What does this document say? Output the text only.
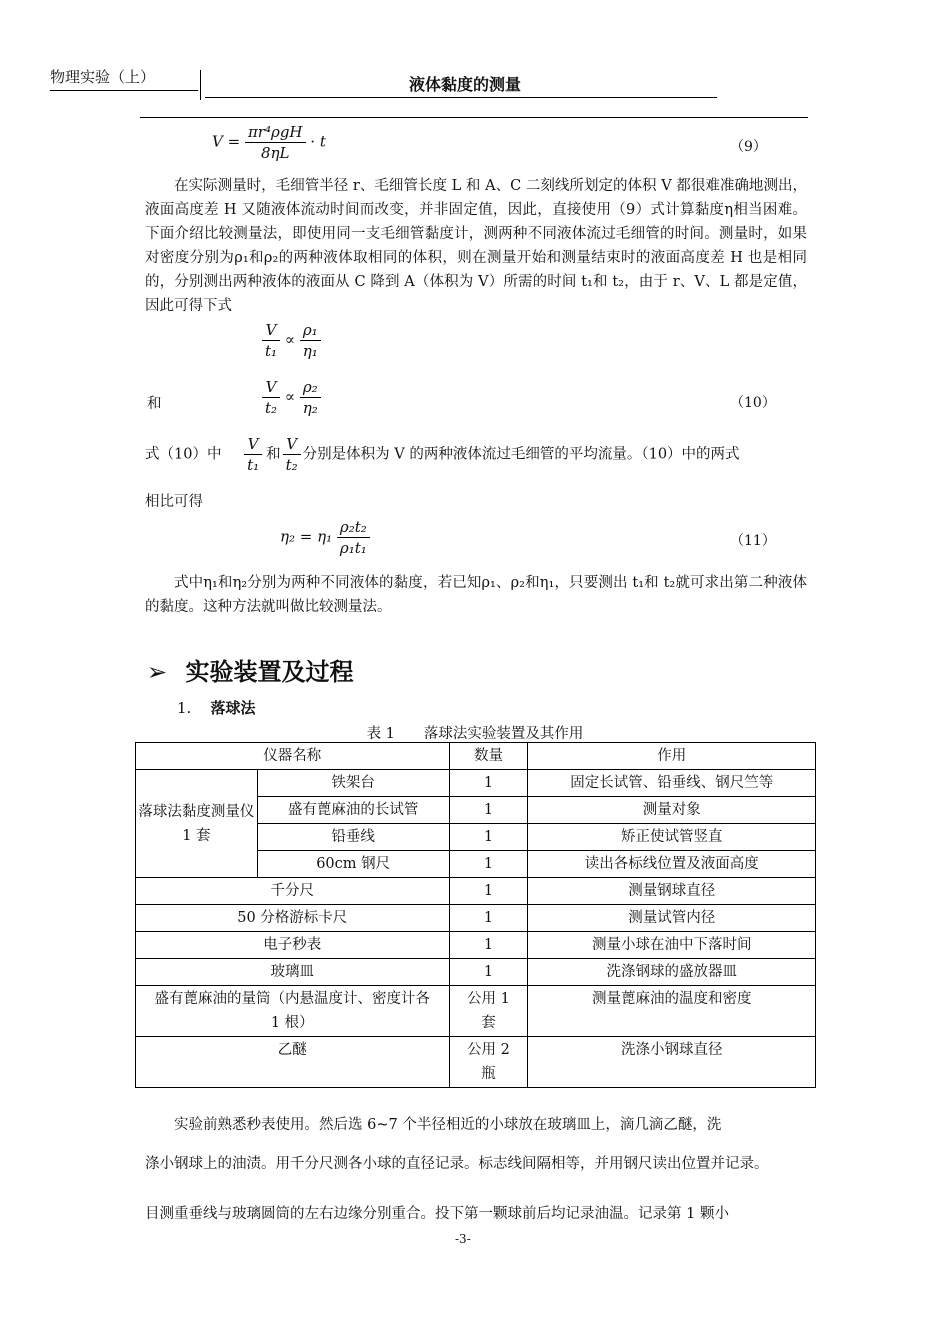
物理实验（上）	液体黏度的测量
$V = \frac{\text{πr⁴ρgH}}{8\eta L} \cdot t$	（9）
在实际测量时，毛细管半径 r、毛细管长度 L 和 A、C 二刻线所划定的体积 V 都很难准确地测出，液面高度差 H 又随液体流动时间而改变，并非固定值，因此，直接使用（9）式计算黏度η相当困难。下面介绍比较测量法，即使用同一支毛细管黏度计，测两种不同液体流过毛细管的时间。测量时，如果对密度分别为ρ₁和ρ₂的两种液体取相同的体积，则在测量开始和测量结束时的液面高度差 H 也是相同的，分别测出两种液体的液面从 C 降到 A（体积为 V）所需的时间 t₁和 t₂，由于 r、V、L 都是定值，因此可得下式
$\frac{V}{\text{t₁}} \propto \frac{\text{ρ₁}}{\text{η₁}}$
和	$\frac{V}{\text{t₂}} \propto \frac{\text{ρ₂}}{\text{η₂}}$	（10）
式（10）中 $\frac{V}{\text{t₁}}$ 和 $\frac{V}{\text{t₂}}$ 分别是体积为 V 的两种液体流过毛细管的平均流量。（10）中的两式
相比可得
$\eta_2 = \eta_1 \frac{\text{ρ₂t₂}}{\text{ρ₁t₁}}$	（11）
式中η₁和η₂分别为两种不同液体的黏度，若已知ρ₁、ρ₂和η₁，只要测出 t₁和 t₂就可求出第二种液体的黏度。这种方法就叫做比较测量法。
➢ 实验装置及过程
1. 落球法
表 1　　落球法实验装置及其作用
仪器名称		数量	作用
落球法黏度测量仪 1 套	铁架台	1	固定长试管、铅垂线、钢尺竺等
	盛有蓖麻油的长试管	1	测量对象
	铅垂线	1	矫正使试管竖直
	60cm 钢尺	1	读出各标线位置及液面高度
千分尺		1	测量钢球直径
50 分格游标卡尺		1	测量试管内径
电子秒表		1	测量小球在油中下落时间
玻璃皿		1	洗涤钢球的盛放器皿
盛有蓖麻油的量筒（内悬温度计、密度计各 1 根）		公用 1 套	测量蓖麻油的温度和密度
乙醚		公用 2 瓶	洗涤小钢球直径
实验前熟悉秒表使用。然后选 6~7 个半径相近的小球放在玻璃皿上，滴几滴乙醚，洗
涤小钢球上的油渍。用千分尺测各小球的直径记录。标志线间隔相等，并用钢尺读出位置并记录。
目测重垂线与玻璃圆筒的左右边缘分别重合。投下第一颗球前后均记录油温。记录第 1 颗小
-3-
